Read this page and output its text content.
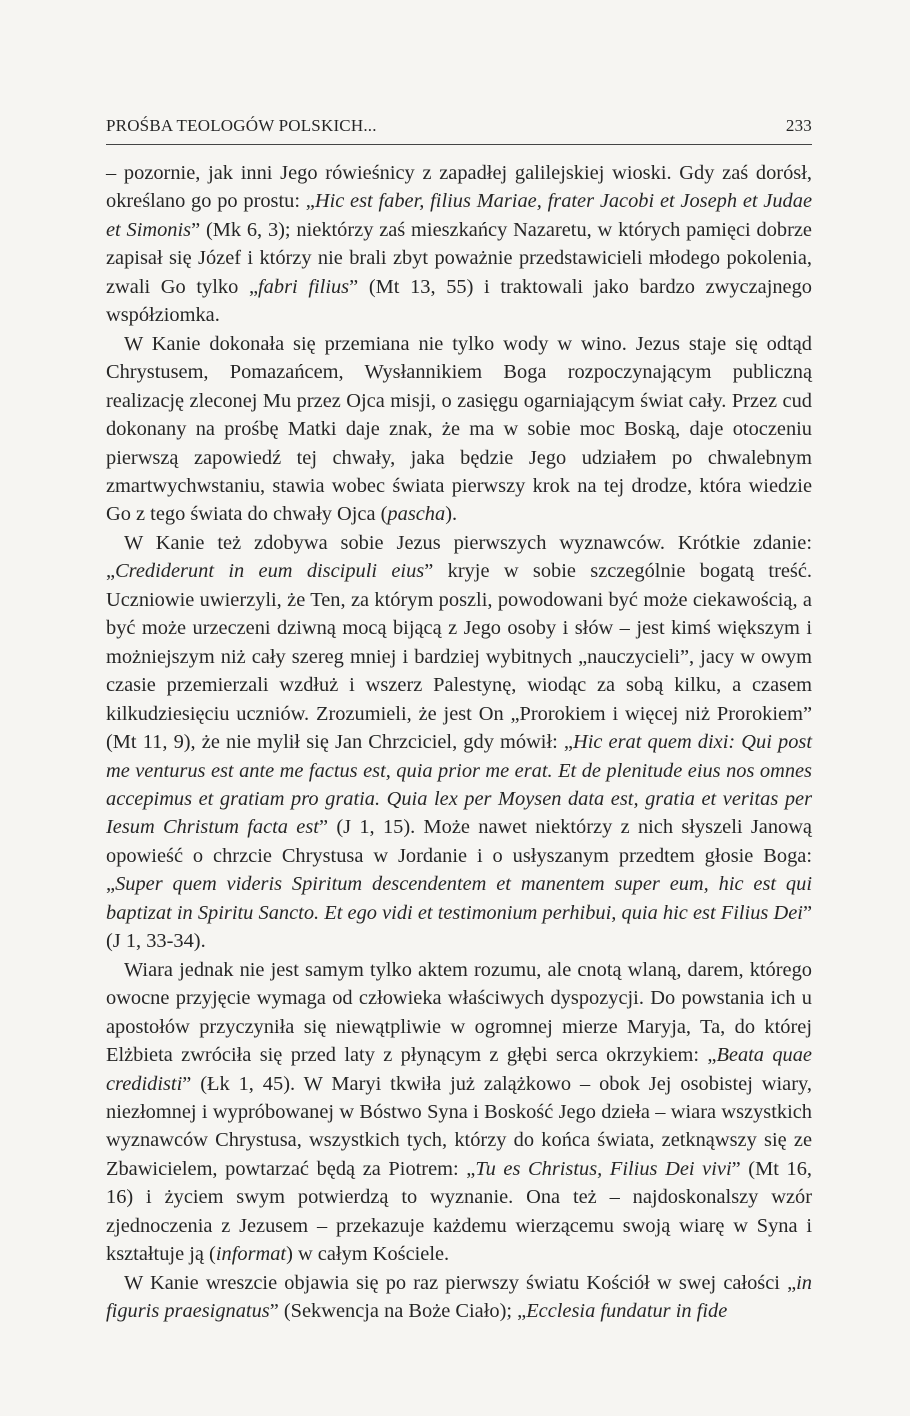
PROŚBA TEOLOGÓW POLSKICH...	233

– pozornie, jak inni Jego rówieśnicy z zapadłej galilejskiej wioski. Gdy zaś dorósł, określano go po prostu: „Hic est faber, filius Mariae, frater Jacobi et Joseph et Judae et Simonis” (Mk 6, 3); niektórzy zaś mieszkańcy Nazaretu, w których pamięci dobrze zapisał się Józef i którzy nie brali zbyt poważnie przedstawicieli młodego pokolenia, zwali Go tylko „fabri filius” (Mt 13, 55) i traktowali jako bardzo zwyczajnego współziomka.

W Kanie dokonała się przemiana nie tylko wody w wino. Jezus staje się odtąd Chrystusem, Pomazańcem, Wysłannikiem Boga rozpoczynającym publiczną realizację zleconej Mu przez Ojca misji, o zasięgu ogarniającym świat cały. Przez cud dokonany na prośbę Matki daje znak, że ma w sobie moc Boską, daje otoczeniu pierwszą zapowiedź tej chwały, jaka będzie Jego udziałem po chwalebnym zmartwychwstaniu, stawia wobec świata pierwszy krok na tej drodze, która wiedzie Go z tego świata do chwały Ojca (pascha).

W Kanie też zdobywa sobie Jezus pierwszych wyznawców. Krótkie zdanie: „Crediderunt in eum discipuli eius” kryje w sobie szczególnie bogatą treść. Uczniowie uwierzyli, że Ten, za którym poszli, powodowani być może ciekawością, a być może urzeczeni dziwną mocą bijącą z Jego osoby i słów – jest kimś większym i możniejszym niż cały szereg mniej i bardziej wybitnych „nauczycieli”, jacy w owym czasie przemierzali wzdłuż i wszerz Palestynę, wiodąc za sobą kilku, a czasem kilkudziesięciu uczniów. Zrozumieli, że jest On „Prorokiem i więcej niż Prorokiem” (Mt 11, 9), że nie mylił się Jan Chrzciciel, gdy mówił: „Hic erat quem dixi: Qui post me venturus est ante me factus est, quia prior me erat. Et de plenitude eius nos omnes accepimus et gratiam pro gratia. Quia lex per Moysen data est, gratia et veritas per Iesum Christum facta est” (J 1, 15). Może nawet niektórzy z nich słyszeli Janową opowieść o chrzcie Chrystusa w Jordanie i o usłyszanym przedtem głosie Boga: „Super quem videris Spiritum descendentem et manentem super eum, hic est qui baptizat in Spiritu Sancto. Et ego vidi et testimonium perhibui, quia hic est Filius Dei” (J 1, 33-34).

Wiara jednak nie jest samym tylko aktem rozumu, ale cnotą wlaną, darem, którego owocne przyjęcie wymaga od człowieka właściwych dyspozycji. Do powstania ich u apostołów przyczyniła się niewątpliwie w ogromnej mierze Maryja, Ta, do której Elżbieta zwróciła się przed laty z płynącym z głębi serca okrzykiem: „Beata quae credidisti” (Łk 1, 45). W Maryi tkwiła już zalążkowo – obok Jej osobistej wiary, niezłomnej i wypróbowanej w Bóstwo Syna i Boskość Jego dzieła – wiara wszystkich wyznawców Chrystusa, wszystkich tych, którzy do końca świata, zetknąwszy się ze Zbawicielem, powtarzać będą za Piotrem: „Tu es Christus, Filius Dei vivi” (Mt 16, 16) i życiem swym potwierdzą to wyznanie. Ona też – najdoskonalszy wzór zjednoczenia z Jezusem – przekazuje każdemu wierzącemu swoją wiarę w Syna i kształtuje ją (informat) w całym Kościele.

W Kanie wreszcie objawia się po raz pierwszy światu Kościół w swej całości „in figuris praesignatus” (Sekwencja na Boże Ciało); „Ecclesia fundatur in fide
